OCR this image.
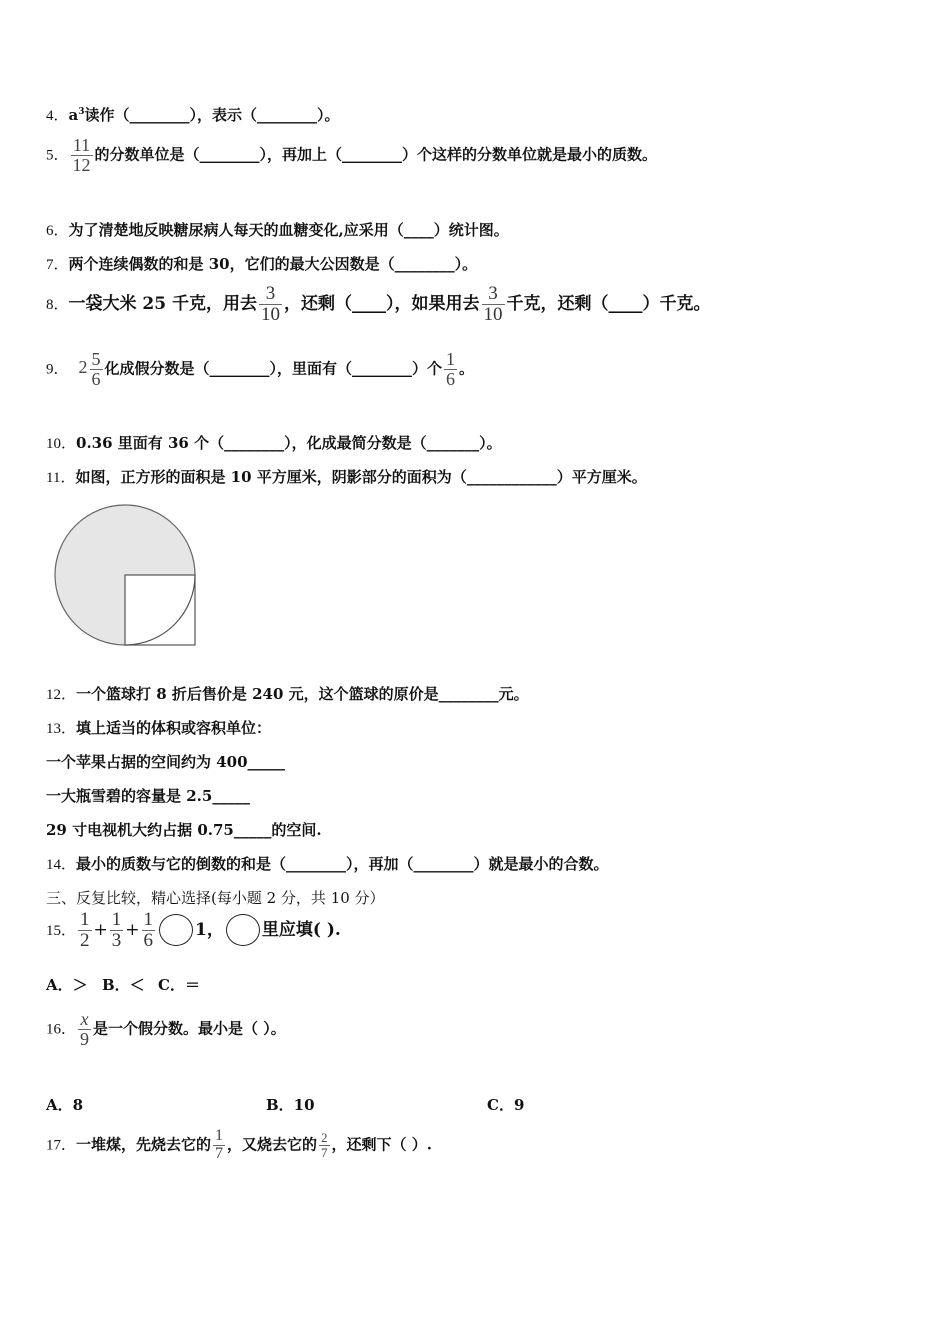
4．$a^3$读作（________），表示（________）。
5． $\frac{11}{12}$ 的分数单位是（________），再加上（________）个这样的分数单位就是最小的质数。
6．为了清楚地反映糖尿病人每天的血糖变化,应采用（____）统计图。
7．两个连续偶数的和是 30，它们的最大公因数是（________）。
8．一袋大米 25 千克，用去 $\frac{3}{10}$ ，还剩（____），如果用去 $\frac{3}{10}$ 千克，还剩（____）千克。
9． $2 \frac{5}{6}$ 化成假分数是（________），里面有（________）个 $\frac{1}{6}$ 。
10．0.36 里面有 36 个（________），化成最简分数是（_______）。
11．如图，正方形的面积是 10 平方厘米，阴影部分的面积为（____________）平方厘米。
12．一个篮球打 8 折后售价是 240 元，这个篮球的原价是________元。
13．填上适当的体积或容积单位：
一个苹果占据的空间约为 400_____
一大瓶雪碧的容量是 2.5_____
29 寸电视机大约占据 0.75_____的空间.
14．最小的质数与它的倒数的和是（________），再加（________）就是最小的合数。
三、反复比较，精心选择(每小题 2 分，共 10 分）
15． $\frac{1}{2} + \frac{1}{3} + \frac{1}{6} 1$， 里应填( ).
A．＞ B．＜ C．＝
16． $\frac{x}{9}$ 是一个假分数。最小是（ ）。
A．8	B．10	C．9
17．一堆煤，先烧去它的 $\frac{1}{7}$ ，又烧去它的 $\frac{2}{7}$ ，还剩下（ ）.
